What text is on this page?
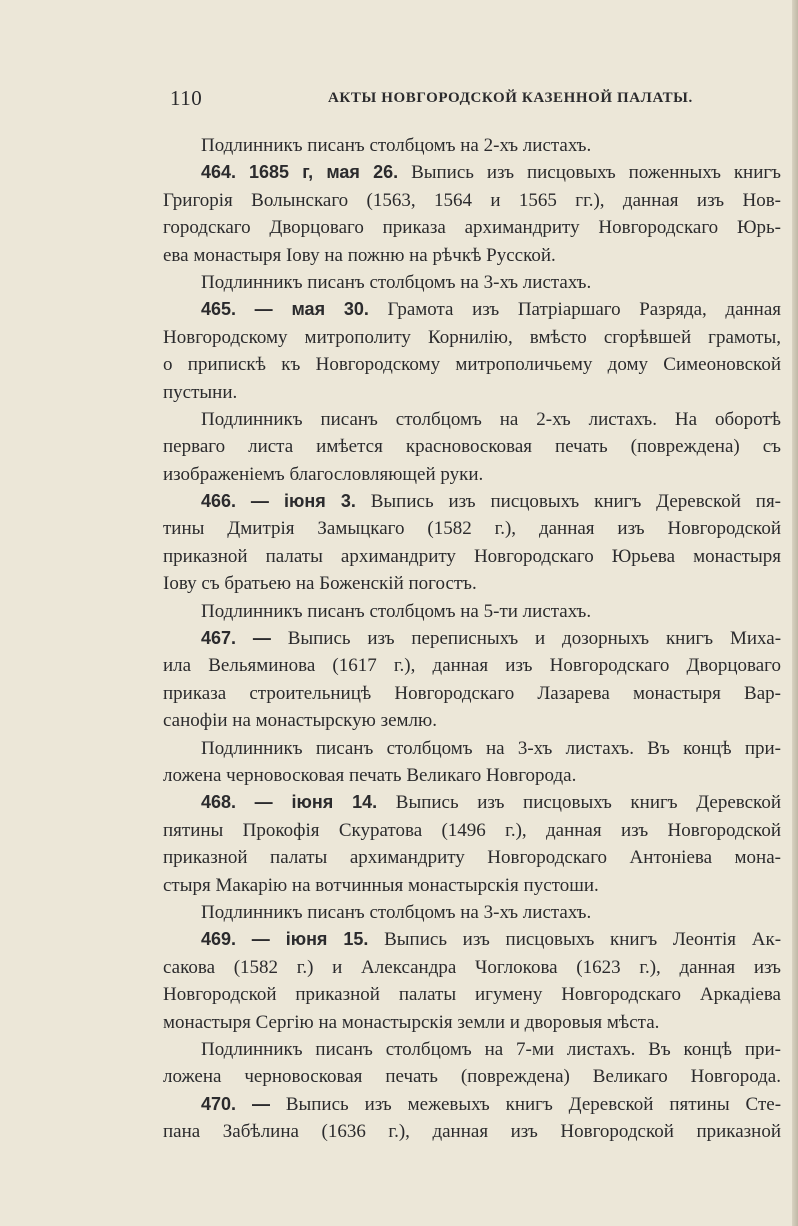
110	АКТЫ НОВГОРОДСКОЙ КАЗЕННОЙ ПАЛАТЫ.
Подлинникъ писанъ столбцомъ на 2-хъ листахъ.
464. 1685 г, мая 26. Выпись изъ писцовыхъ поженныхъ книгъ
Григорія Волынскаго (1563, 1564 и 1565 гг.), данная изъ Нов-
городскаго Дворцоваго приказа архимандриту Новгородскаго Юрь-
ева монастыря Іову на пожню на рѣчкѣ Русской.
Подлинникъ писанъ столбцомъ на 3-хъ листахъ.
465. — мая 30. Грамота изъ Патріаршаго Разряда, данная
Новгородскому митрополиту Корнилію, вмѣсто сгорѣвшей грамоты,
о припискѣ къ Новгородскому митрополичьему дому Симеоновской
пустыни.
Подлинникъ писанъ столбцомъ на 2-хъ листахъ. На оборотѣ
перваго листа имѣется красновосковая печать (повреждена) съ
изображеніемъ благословляющей руки.
466. — іюня 3. Выпись изъ писцовыхъ книгъ Деревской пя-
тины Дмитрія Замыцкаго (1582 г.), данная изъ Новгородской
приказной палаты архимандриту Новгородскаго Юрьева монастыря
Іову съ братьею на Боженскій погостъ.
Подлинникъ писанъ столбцомъ на 5-ти листахъ.
467. — Выпись изъ переписныхъ и дозорныхъ книгъ Миха-
ила Вельяминова (1617 г.), данная изъ Новгородскаго Дворцоваго
приказа строительницѣ Новгородскаго Лазарева монастыря Вар-
санофіи на монастырскую землю.
Подлинникъ писанъ столбцомъ на 3-хъ листахъ. Въ концѣ при-
ложена черновосковая печать Великаго Новгорода.
468. — іюня 14. Выпись изъ писцовыхъ книгъ Деревской
пятины Прокофія Скуратова (1496 г.), данная изъ Новгородской
приказной палаты архимандриту Новгородскаго Антоніева мона-
стыря Макарію на вотчинныя монастырскія пустоши.
Подлинникъ писанъ столбцомъ на 3-хъ листахъ.
469. — іюня 15. Выпись изъ писцовыхъ книгъ Леонтія Ак-
сакова (1582 г.) и Александра Чоглокова (1623 г.), данная изъ
Новгородской приказной палаты игумену Новгородскаго Аркадіева
монастыря Сергію на монастырскія земли и дворовыя мѣста.
Подлинникъ писанъ столбцомъ на 7-ми листахъ. Въ концѣ при-
ложена черновосковая печать (повреждена) Великаго Новгорода.
470. — Выпись изъ межевыхъ книгъ Деревской пятины Сте-
пана Забѣлина (1636 г.), данная изъ Новгородской приказной
